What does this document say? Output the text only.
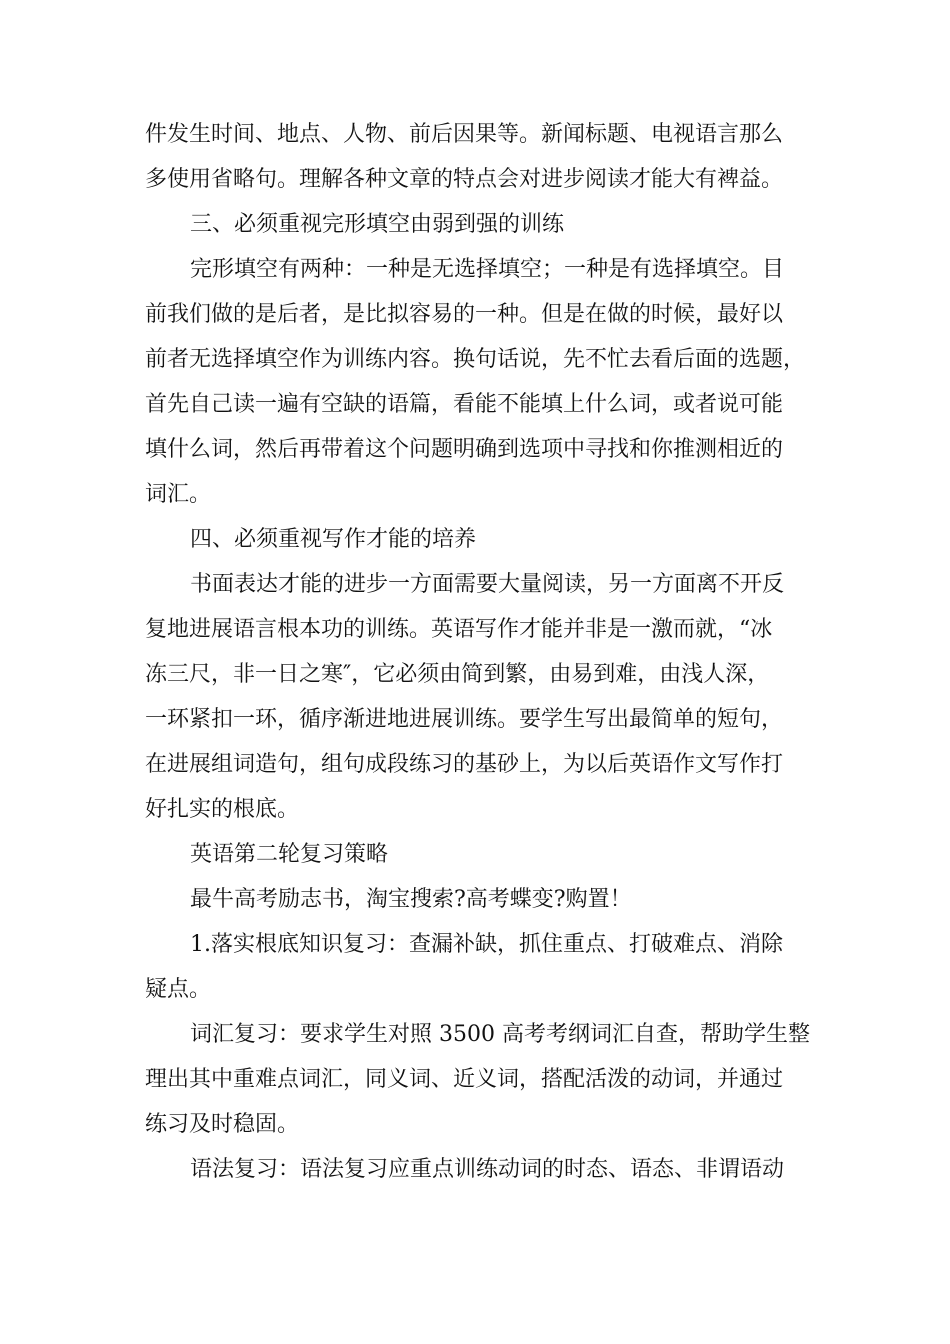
件发生时间、地点、人物、前后因果等。新闻标题、电视语言那么
多使用省略句。理解各种文章的特点会对进步阅读才能大有裨益。
三、必须重视完形填空由弱到强的训练
完形填空有两种：一种是无选择填空；一种是有选择填空。目
前我们做的是后者，是比拟容易的一种。但是在做的时候，最好以
前者无选择填空作为训练内容。换句话说，先不忙去看后面的选题，
首先自己读一遍有空缺的语篇，看能不能填上什么词，或者说可能
填什么词，然后再带着这个问题明确到选项中寻找和你推测相近的
词汇。
四、必须重视写作才能的培养
书面表达才能的进步一方面需要大量阅读，另一方面离不开反
复地进展语言根本功的训练。英语写作才能并非是一激而就，“冰
冻三尺，非一日之寒″，它必须由简到繁，由易到难，由浅人深，
一环紧扣一环，循序渐进地进展训练。要学生写出最简单的短句，
在进展组词造句，组句成段练习的基砂上，为以后英语作文写作打
好扎实的根底。
英语第二轮复习策略
最牛高考励志书，淘宝搜索?高考蝶变?购置！
1.落实根底知识复习：查漏补缺，抓住重点、打破难点、消除
疑点。
词汇复习：要求学生对照 3500 高考考纲词汇自查，帮助学生整
理出其中重难点词汇，同义词、近义词，搭配活泼的动词，并通过
练习及时稳固。
语法复习：语法复习应重点训练动词的时态、语态、非谓语动
